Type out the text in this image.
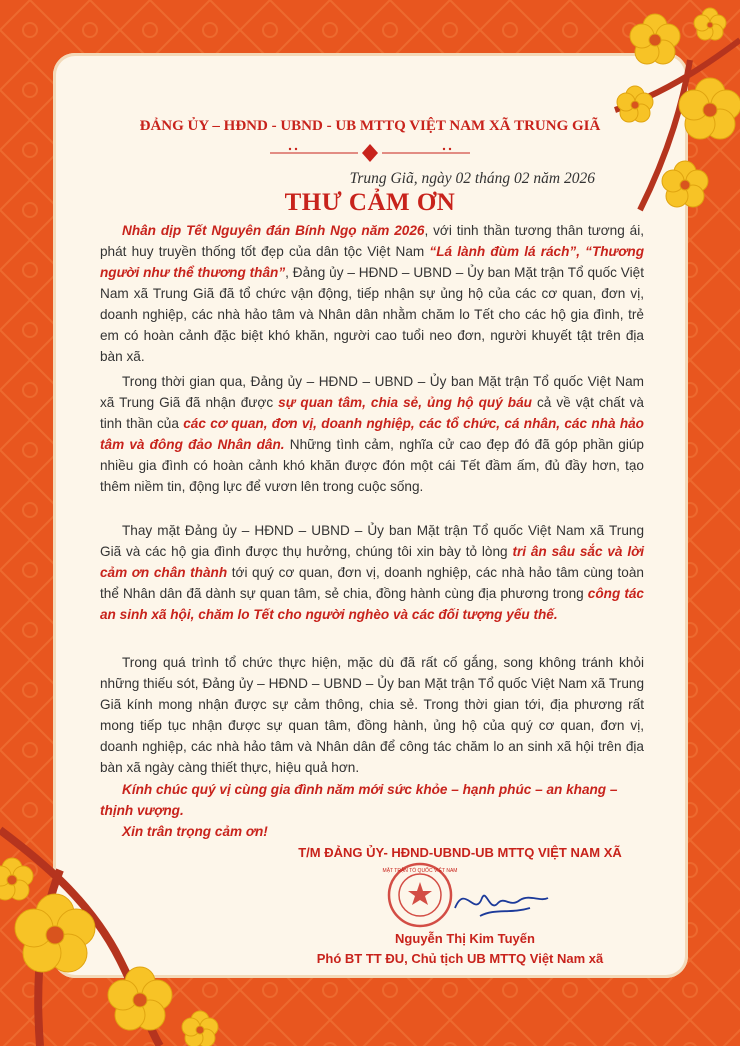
ĐẢNG ỦY – HĐND - UBND - UB MTTQ VIỆT NAM XÃ TRUNG GIÃ
Trung Giã, ngày 02 tháng 02 năm 2026
THƯ CẢM ƠN

Nhân dịp Tết Nguyên đán Bính Ngọ năm 2026, với tinh thần tương thân tương ái, phát huy truyền thống tốt đẹp của dân tộc Việt Nam “Lá lành đùm lá rách”, “Thương người như thể thương thân”, Đảng ủy – HĐND – UBND – Ủy ban Mặt trận Tổ quốc Việt Nam xã Trung Giã đã tổ chức vận động, tiếp nhận sự ủng hộ của các cơ quan, đơn vị, doanh nghiệp, các nhà hảo tâm và Nhân dân nhằm chăm lo Tết cho các hộ gia đình, trẻ em có hoàn cảnh đặc biệt khó khăn, người cao tuổi neo đơn, người khuyết tật trên địa bàn xã.

Trong thời gian qua, Đảng ủy – HĐND – UBND – Ủy ban Mặt trận Tổ quốc Việt Nam xã Trung Giã đã nhận được sự quan tâm, chia sẻ, ủng hộ quý báu cả về vật chất và tinh thần của các cơ quan, đơn vị, doanh nghiệp, các tổ chức, cá nhân, các nhà hảo tâm và đông đảo Nhân dân. Những tình cảm, nghĩa cử cao đẹp đó đã góp phần giúp nhiều gia đình có hoàn cảnh khó khăn được đón một cái Tết đầm ấm, đủ đầy hơn, tạo thêm niềm tin, động lực để vươn lên trong cuộc sống.

Thay mặt Đảng ủy – HĐND – UBND – Ủy ban Mặt trận Tổ quốc Việt Nam xã Trung Giã và các hộ gia đình được thụ hưởng, chúng tôi xin bày tỏ lòng tri ân sâu sắc và lời cảm ơn chân thành tới quý cơ quan, đơn vị, doanh nghiệp, các nhà hảo tâm cùng toàn thể Nhân dân đã dành sự quan tâm, sẻ chia, đồng hành cùng địa phương trong công tác an sinh xã hội, chăm lo Tết cho người nghèo và các đối tượng yếu thế.

Trong quá trình tổ chức thực hiện, mặc dù đã rất cố gắng, song không tránh khỏi những thiếu sót, Đảng ủy – HĐND – UBND – Ủy ban Mặt trận Tổ quốc Việt Nam xã Trung Giã kính mong nhận được sự cảm thông, chia sẻ. Trong thời gian tới, địa phương rất mong tiếp tục nhận được sự quan tâm, đồng hành, ủng hộ của quý cơ quan, đơn vị, doanh nghiệp, các nhà hảo tâm và Nhân dân để công tác chăm lo an sinh xã hội trên địa bàn xã ngày càng thiết thực, hiệu quả hơn.

Kính chúc quý vị cùng gia đình năm mới sức khỏe – hạnh phúc – an khang – thịnh vượng.
Xin trân trọng cảm ơn!
T/M ĐẢNG ỦY- HĐND-UBND-UB MTTQ VIỆT NAM XÃ
MẶT TRẬN TỔ QUỐC VIỆT NAM
Nguyễn Thị Kim Tuyến
Phó BT TT ĐU, Chủ tịch UB MTTQ Việt Nam xã
